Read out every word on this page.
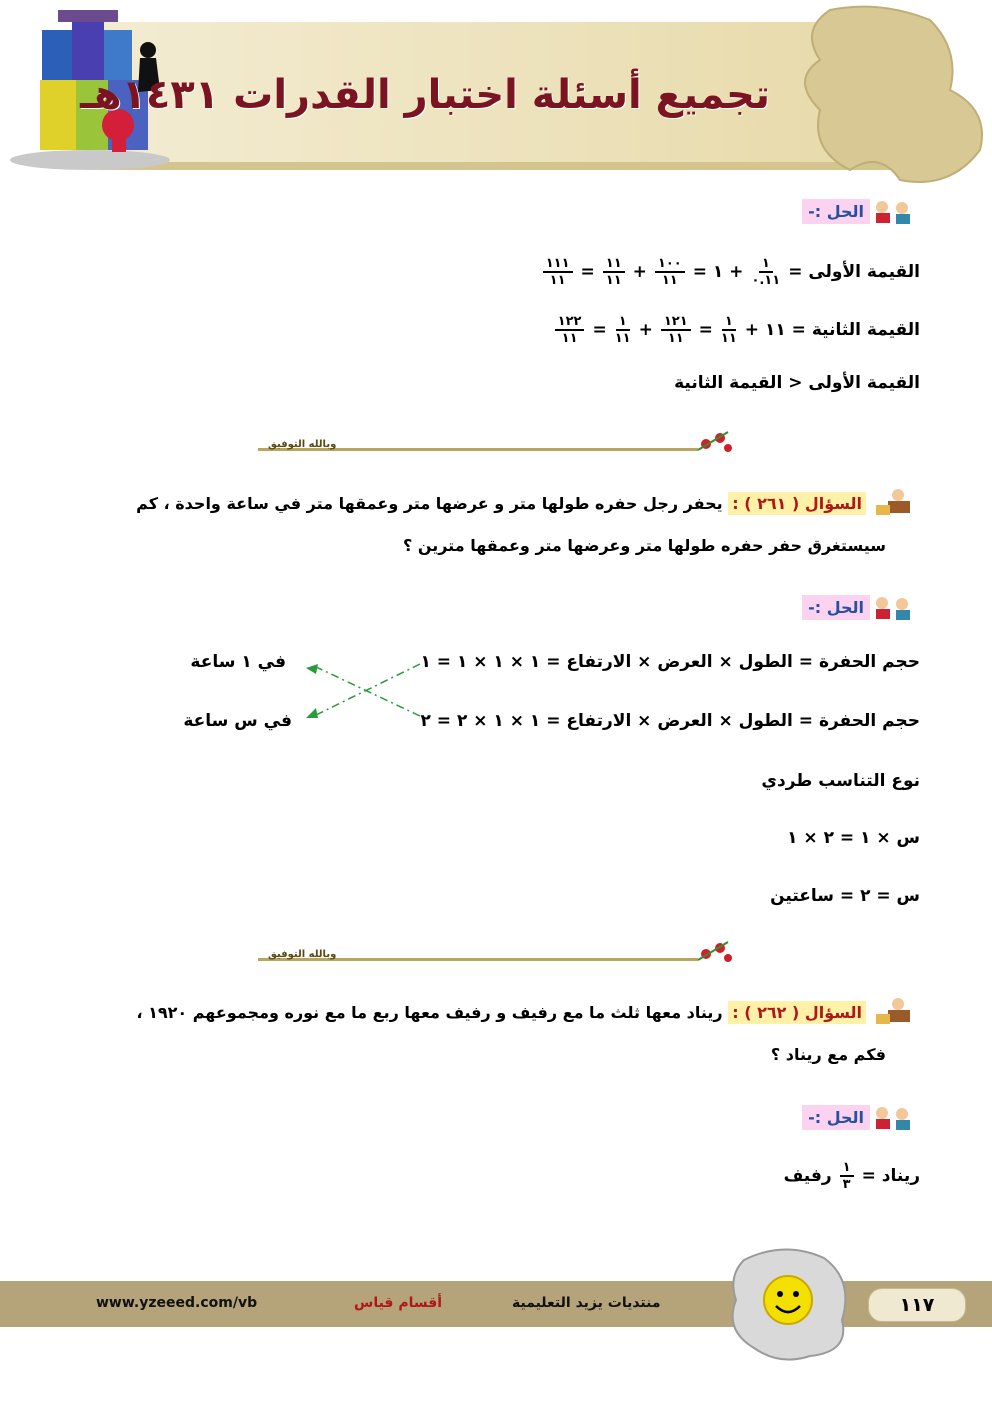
تجميع أسئلة اختبار القدرات ١٤٣١هـ
الحل :-
القيمة الأولى =
$\frac{١}{٠.١١}$
+ ١ =
$\frac{١٠٠}{١١}$
+
$\frac{١١}{١١}$
=
$\frac{١١١}{١١}$
القيمة الثانية = ١١ +
$\frac{١}{١١}$
=
$\frac{١٢١}{١١}$
+
$\frac{١}{١١}$
=
$\frac{١٢٢}{١١}$
القيمة الأولى < القيمة الثانية
وبالله التوفيق
السؤال ( ٢٦١ ) : يحفر رجل حفره طولها متر و عرضها متر وعمقها متر في ساعة واحدة ، كم
سيستغرق حفر حفره طولها متر وعرضها متر وعمقها مترين ؟
الحل :-
حجم الحفرة = الطول × العرض × الارتفاع = ١ × ١ × ١ = ١
في ١ ساعة
حجم الحفرة = الطول × العرض × الارتفاع = ١ × ١ × ٢ = ٢
في س ساعة
نوع التناسب طردي
س × ١ = ٢ × ١
س = ٢ = ساعتين
وبالله التوفيق
السؤال ( ٢٦٢ ) : ريناد معها ثلث ما مع رفيف و رفيف معها ربع ما مع نوره ومجموعهم ١٩٢٠ ،
فكم مع ريناد ؟
الحل :-
ريناد =
$\frac{١}{٣}$
رفيف
www.yzeeed.com/vb	أقسام قياس	منتديات يزيد التعليمية	١١٧
